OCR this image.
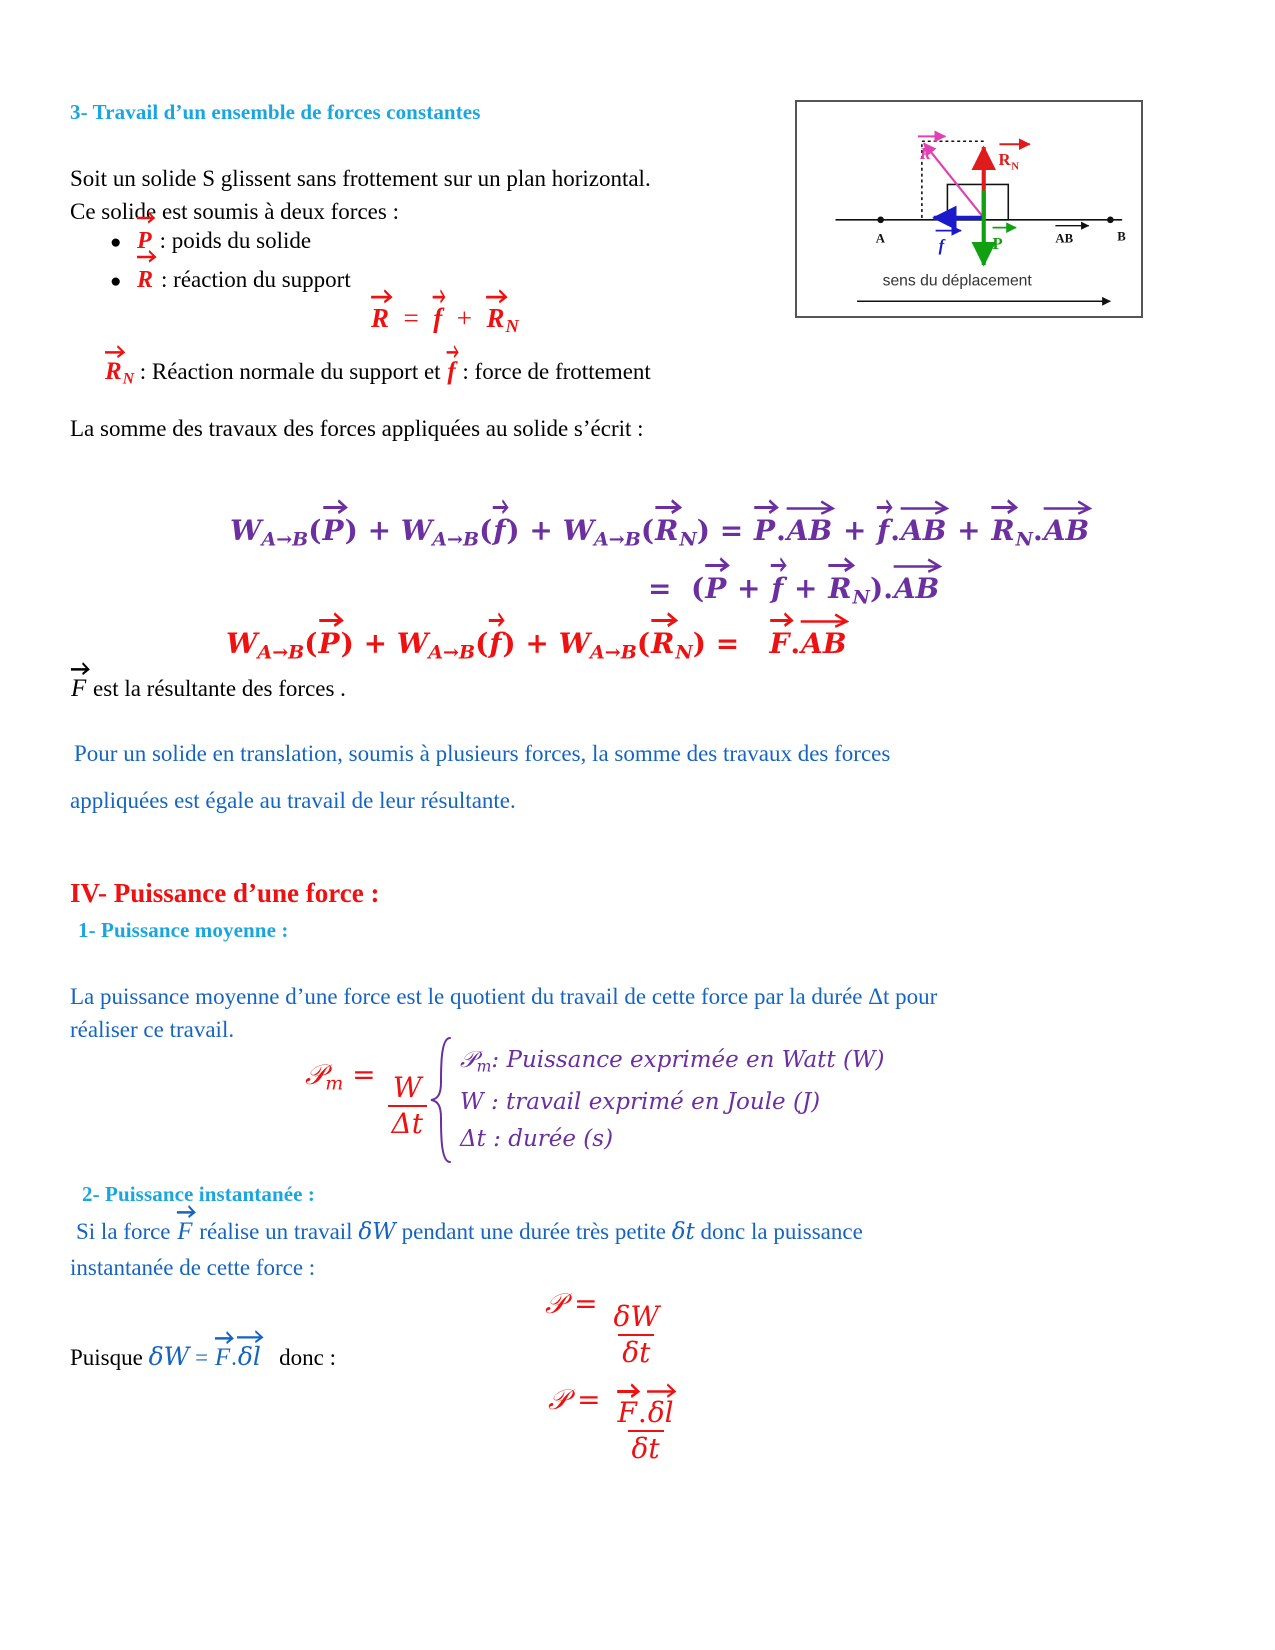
A	B
AB
R	R N
f	P
sens du déplacement
3- Travail d’un ensemble de forces constantes
Soit un solide S glissent sans frottement sur un plan horizontal.
Ce solide est soumis à deux forces :
● P : poids du solide
● R : réaction du support
R  =
f  +
$R_N$
$R_N$ : Réaction normale du support et f : force de frottement
La somme des travaux des forces appliquées au solide s’écrit :
$W_{A\to B}$(
$P) + W_{A\to B}$(
$f) + W_{A\to B}$(
$R_N) = P$.
AB + f.
AB + $R_N$.
AB
=  (
$P + f + R_N$).
AB
$W_{A\to B}$(
$P) + W_{A\to B}$(
$f) + W_{A\to B}$(
$R_N$) =
F.
AB
F est la résultante des forces .
Pour un solide en translation, soumis à plusieurs forces, la somme des travaux des forces
appliquées est égale au travail de leur résultante.
IV- Puissance d’une force :
1- Puissance moyenne :
La puissance moyenne d’une force est le quotient du travail de cette force par la durée Δt pour
réaliser ce travail.
𝒫$_m$ = $\frac{W}{\Delta t}$
𝒫$_m$: Puissance exprimée en Watt (W)
W : travail exprimé en Joule (J)
Δt : durée (s)
2- Puissance instantanée :
Si la force F réalise un travail δW pendant une durée très petite δt donc la puissance
instantanée de cette force :
𝒫 = $\frac{\delta W}{\delta t}$
Puisque δW = F.
δl donc :
𝒫 = F.
δl
δt
